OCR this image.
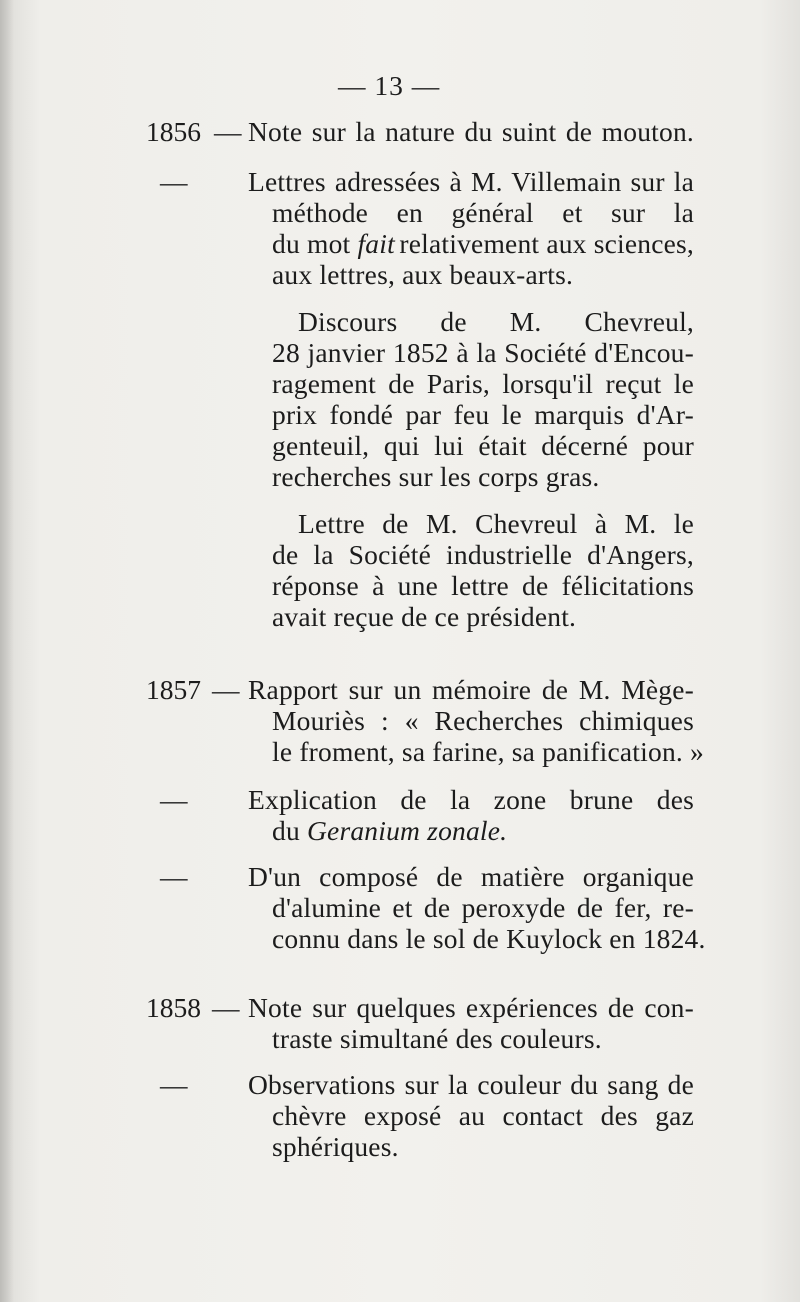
— 13 —
1856 — Note sur la nature du suint de mouton.
— Lettres adressées à M. Villemain sur la
méthode en général et sur la
du mot fait relativement aux sciences,
aux lettres, aux beaux-arts.
Discours de M. Chevreul,
28 janvier 1852 à la Société d'Encou-
ragement de Paris, lorsqu'il reçut le
prix fondé par feu le marquis d'Ar-
genteuil, qui lui était décerné pour
recherches sur les corps gras.
Lettre de M. Chevreul à M. le
de la Société industrielle d'Angers,
réponse à une lettre de félicitations
avait reçue de ce président.
1857 — Rapport sur un mémoire de M. Mège-
Mouriès : « Recherches chimiques
le froment, sa farine, sa panification. »
— Explication de la zone brune des
du Geranium zonale.
— D'un composé de matière organique
d'alumine et de peroxyde de fer, re-
connu dans le sol de Kuylock en 1824.
1858 — Note sur quelques expériences de con-
traste simultané des couleurs.
— Observations sur la couleur du sang de
chèvre exposé au contact des gaz
sphériques.
